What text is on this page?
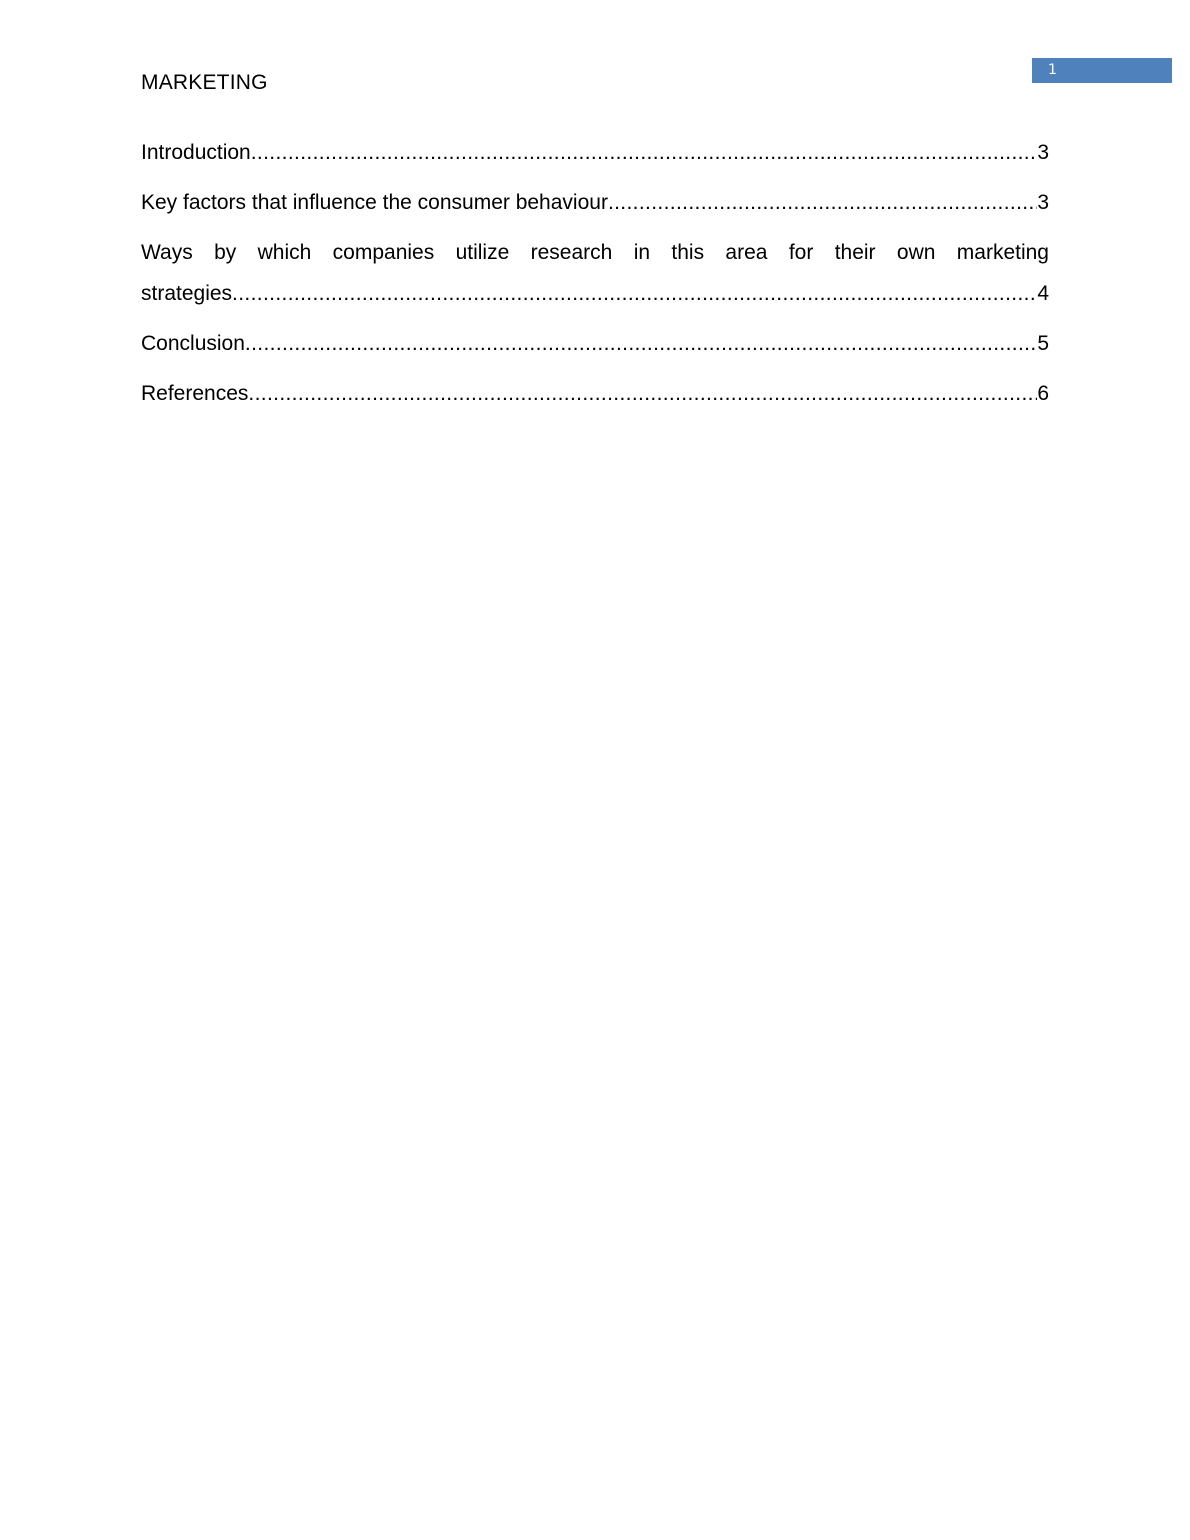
1
MARKETING
Introduction .....	3
Key factors that influence the consumer behaviour .....	3
Ways by which companies utilize research in this area for their own marketing
strategies .....	4
Conclusion .....	5
References .....	6
